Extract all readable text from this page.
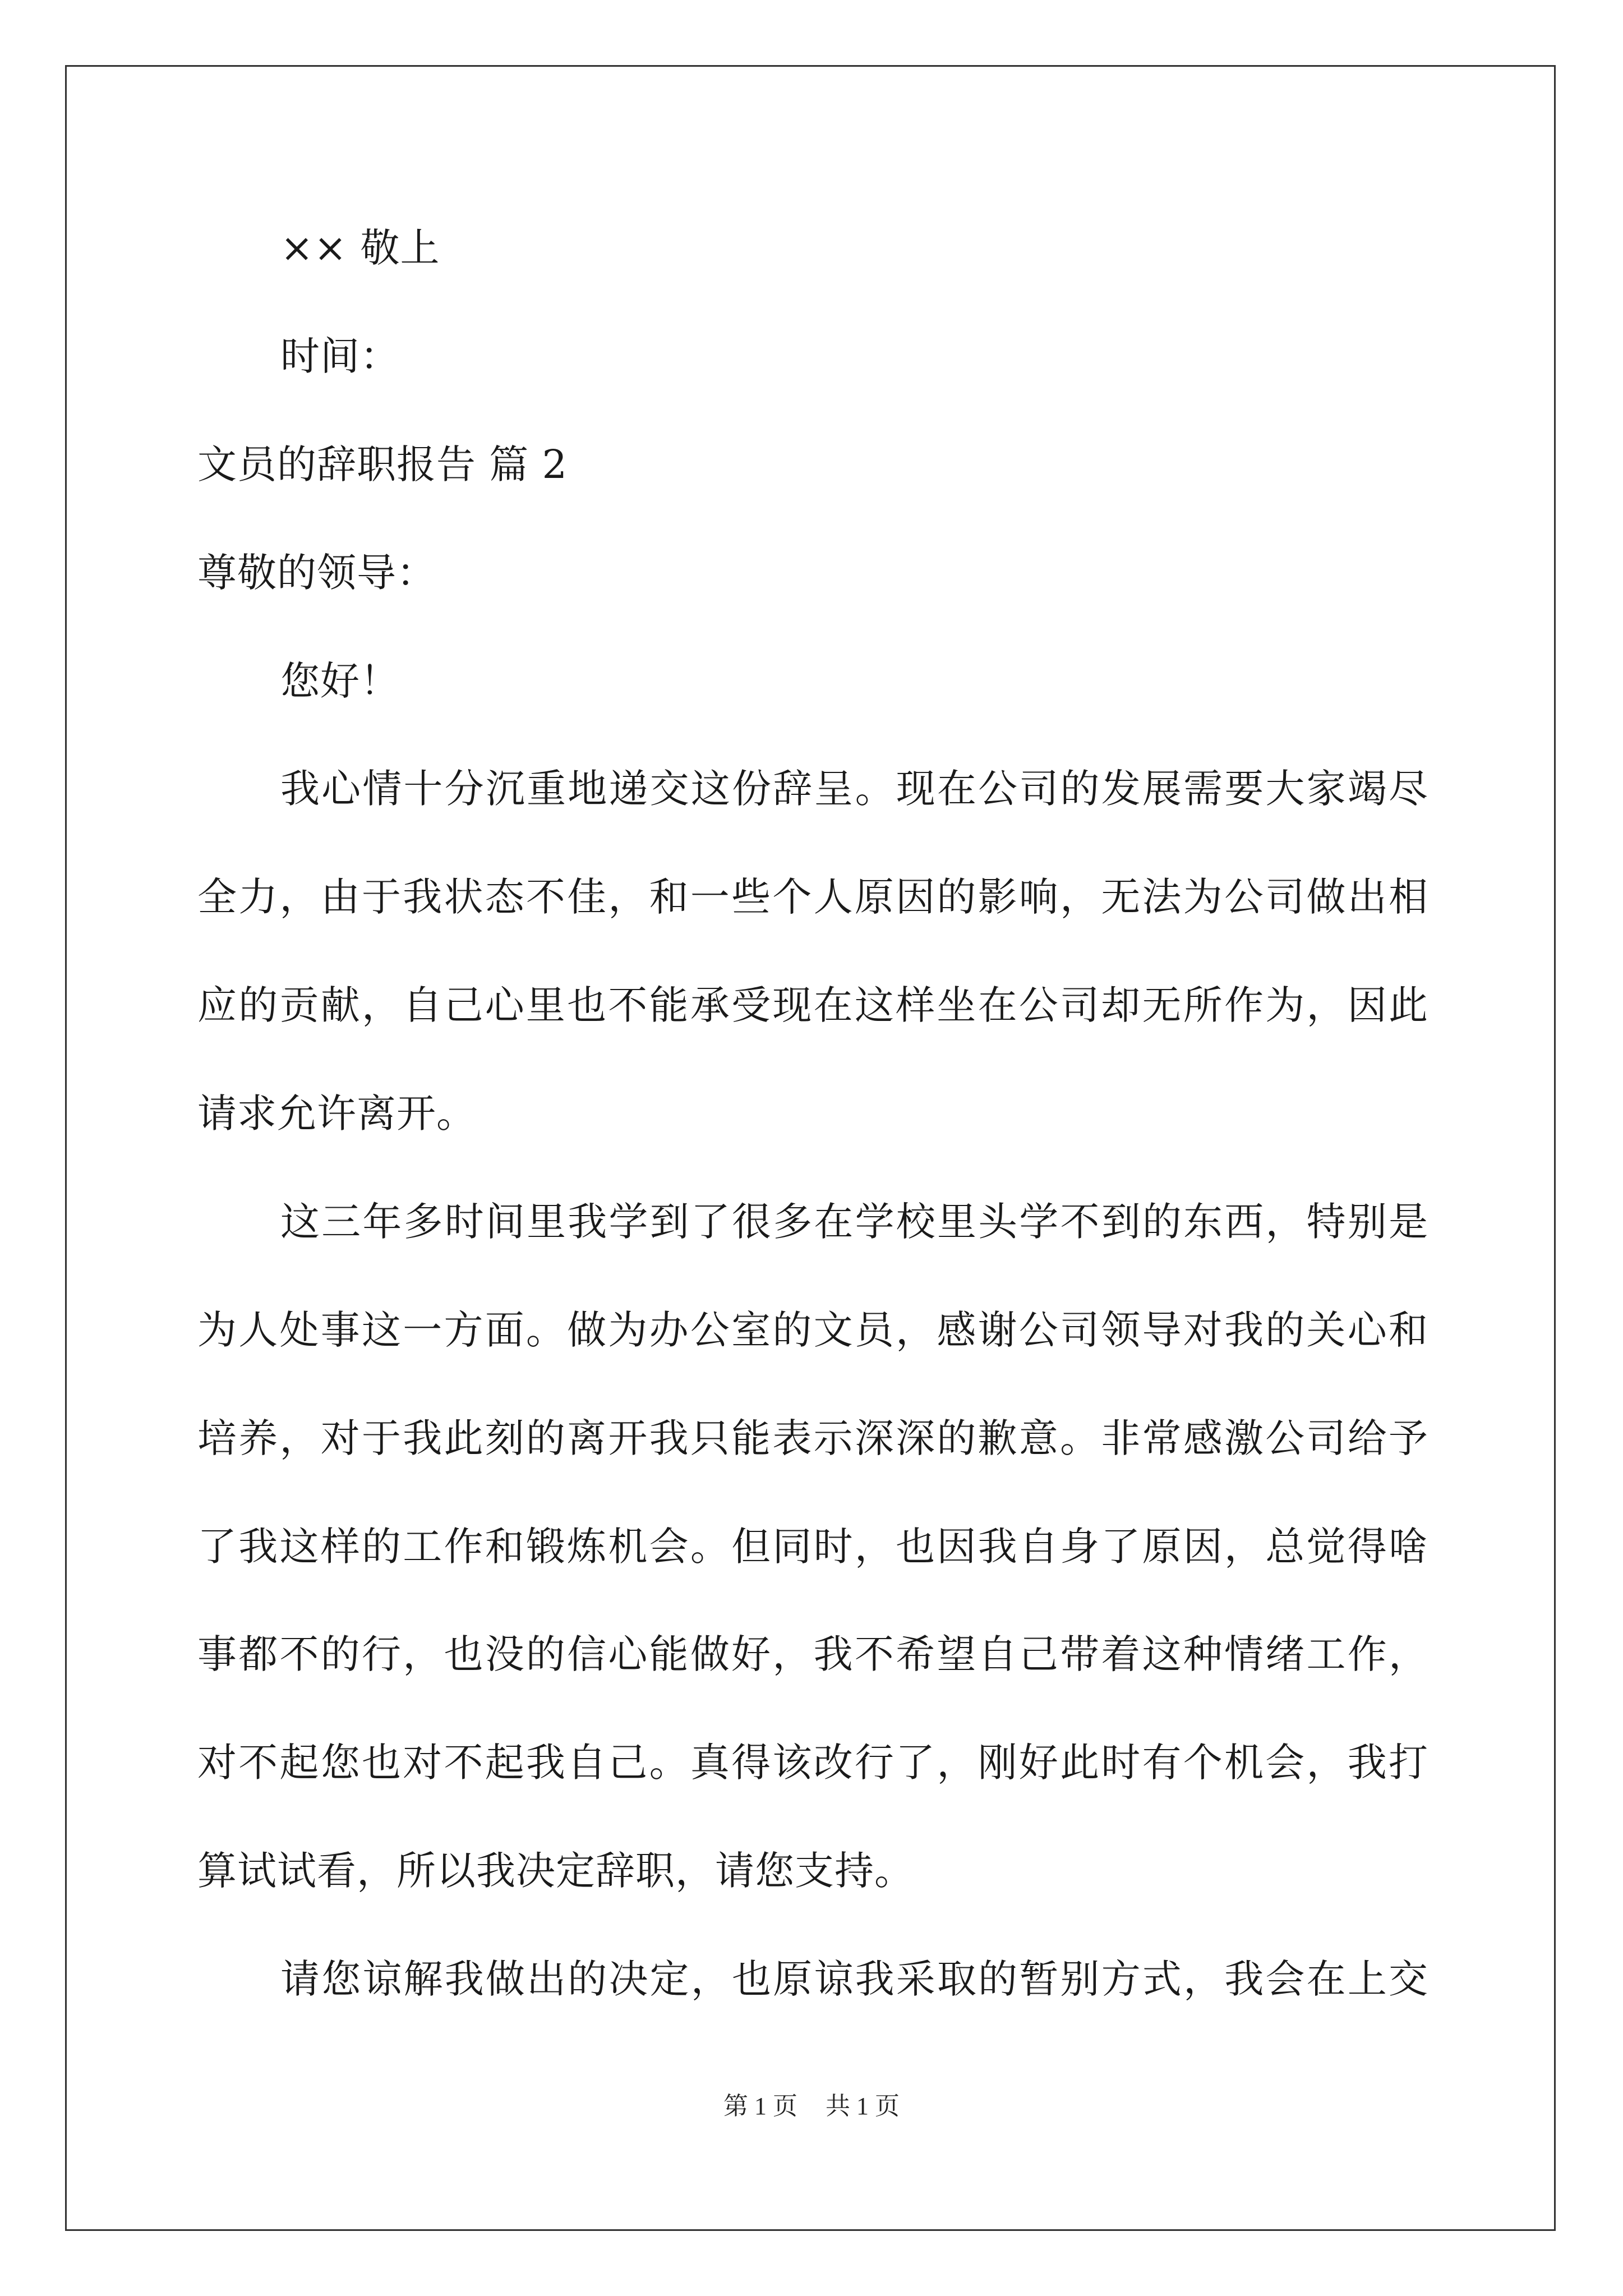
×× 敬上
时间：
文员的辞职报告 篇 2
尊敬的领导：
您好！
我心情十分沉重地递交这份辞呈。现在公司的发展需要大家竭尽
全力，由于我状态不佳，和一些个人原因的影响，无法为公司做出相
应的贡献，自己心里也不能承受现在这样坐在公司却无所作为，因此
请求允许离开。
这三年多时间里我学到了很多在学校里头学不到的东西，特别是
为人处事这一方面。做为办公室的文员，感谢公司领导对我的关心和
培养，对于我此刻的离开我只能表示深深的歉意。非常感激公司给予
了我这样的工作和锻炼机会。但同时，也因我自身了原因，总觉得啥
事都不的行，也没的信心能做好，我不希望自己带着这种情绪工作，
对不起您也对不起我自己。真得该改行了，刚好此时有个机会，我打
算试试看，所以我决定辞职，请您支持。
请您谅解我做出的决定，也原谅我采取的暂别方式，我会在上交
第 1 页 共 1 页
